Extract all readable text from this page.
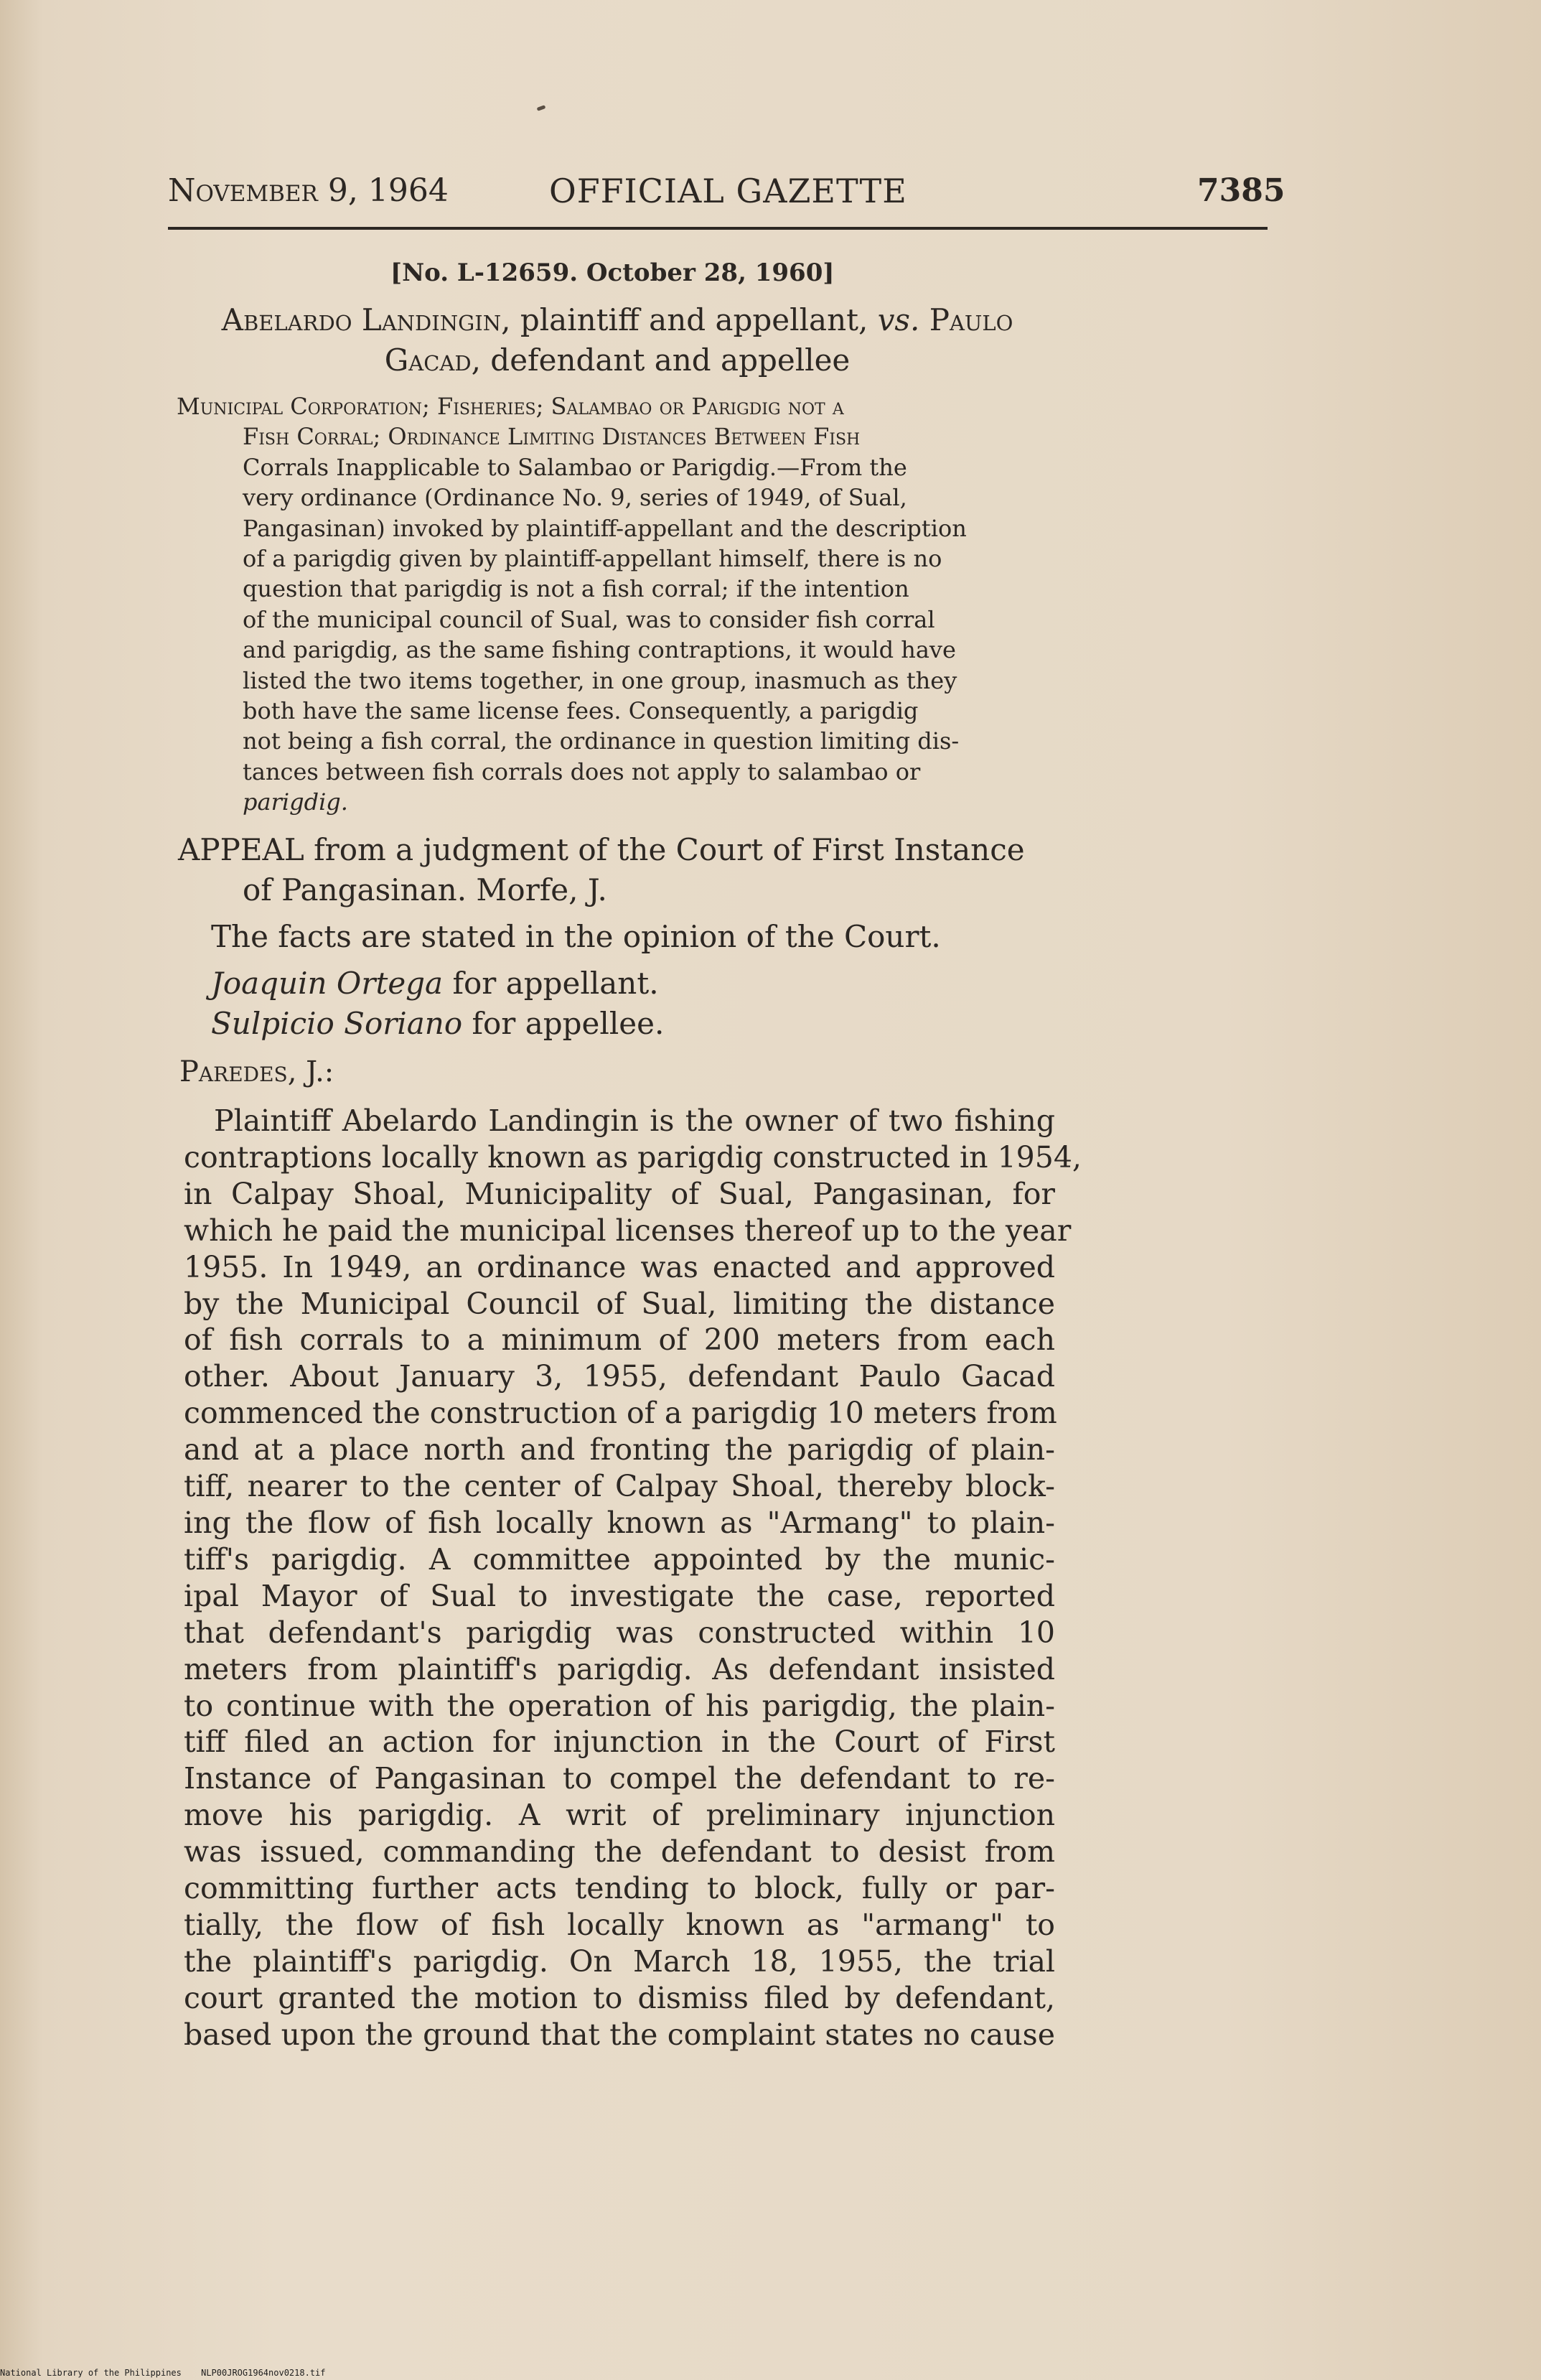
November 9, 1964	OFFICIAL GAZETTE	7385
[No. L-12659. October 28, 1960]
Abelardo Landingin, plaintiff and appellant, vs. Paulo
Gacad, defendant and appellee
Municipal Corporation; Fisheries; Salambao or Parigdig not a
Fish Corral; Ordinance Limiting Distances Between Fish
Corrals Inapplicable to Salambao or Parigdig.—From the
very ordinance (Ordinance No. 9, series of 1949, of Sual,
Pangasinan) invoked by plaintiff-appellant and the description
of a parigdig given by plaintiff-appellant himself, there is no
question that parigdig is not a fish corral; if the intention
of the municipal council of Sual, was to consider fish corral
and parigdig, as the same fishing contraptions, it would have
listed the two items together, in one group, inasmuch as they
both have the same license fees. Consequently, a parigdig
not being a fish corral, the ordinance in question limiting dis-
tances between fish corrals does not apply to salambao or
parigdig.
APPEAL from a judgment of the Court of First Instance
of Pangasinan. Morfe, J.
The facts are stated in the opinion of the Court.
Joaquin Ortega for appellant.
Sulpicio Soriano for appellee.
Paredes, J.:
Plaintiff Abelardo Landingin is the owner of two fishing
contraptions locally known as parigdig constructed in 1954,
in Calpay Shoal, Municipality of Sual, Pangasinan, for
which he paid the municipal licenses thereof up to the year
1955. In 1949, an ordinance was enacted and approved
by the Municipal Council of Sual, limiting the distance
of fish corrals to a minimum of 200 meters from each
other. About January 3, 1955, defendant Paulo Gacad
commenced the construction of a parigdig 10 meters from
and at a place north and fronting the parigdig of plain-
tiff, nearer to the center of Calpay Shoal, thereby block-
ing the flow of fish locally known as "Armang" to plain-
tiff's parigdig. A committee appointed by the munic-
ipal Mayor of Sual to investigate the case, reported
that defendant's parigdig was constructed within 10
meters from plaintiff's parigdig. As defendant insisted
to continue with the operation of his parigdig, the plain-
tiff filed an action for injunction in the Court of First
Instance of Pangasinan to compel the defendant to re-
move his parigdig. A writ of preliminary injunction
was issued, commanding the defendant to desist from
committing further acts tending to block, fully or par-
tially, the flow of fish locally known as "armang" to
the plaintiff's parigdig. On March 18, 1955, the trial
court granted the motion to dismiss filed by defendant,
based upon the ground that the complaint states no cause
National Library of the Philippines NLP00JROG1964nov0218.tif
